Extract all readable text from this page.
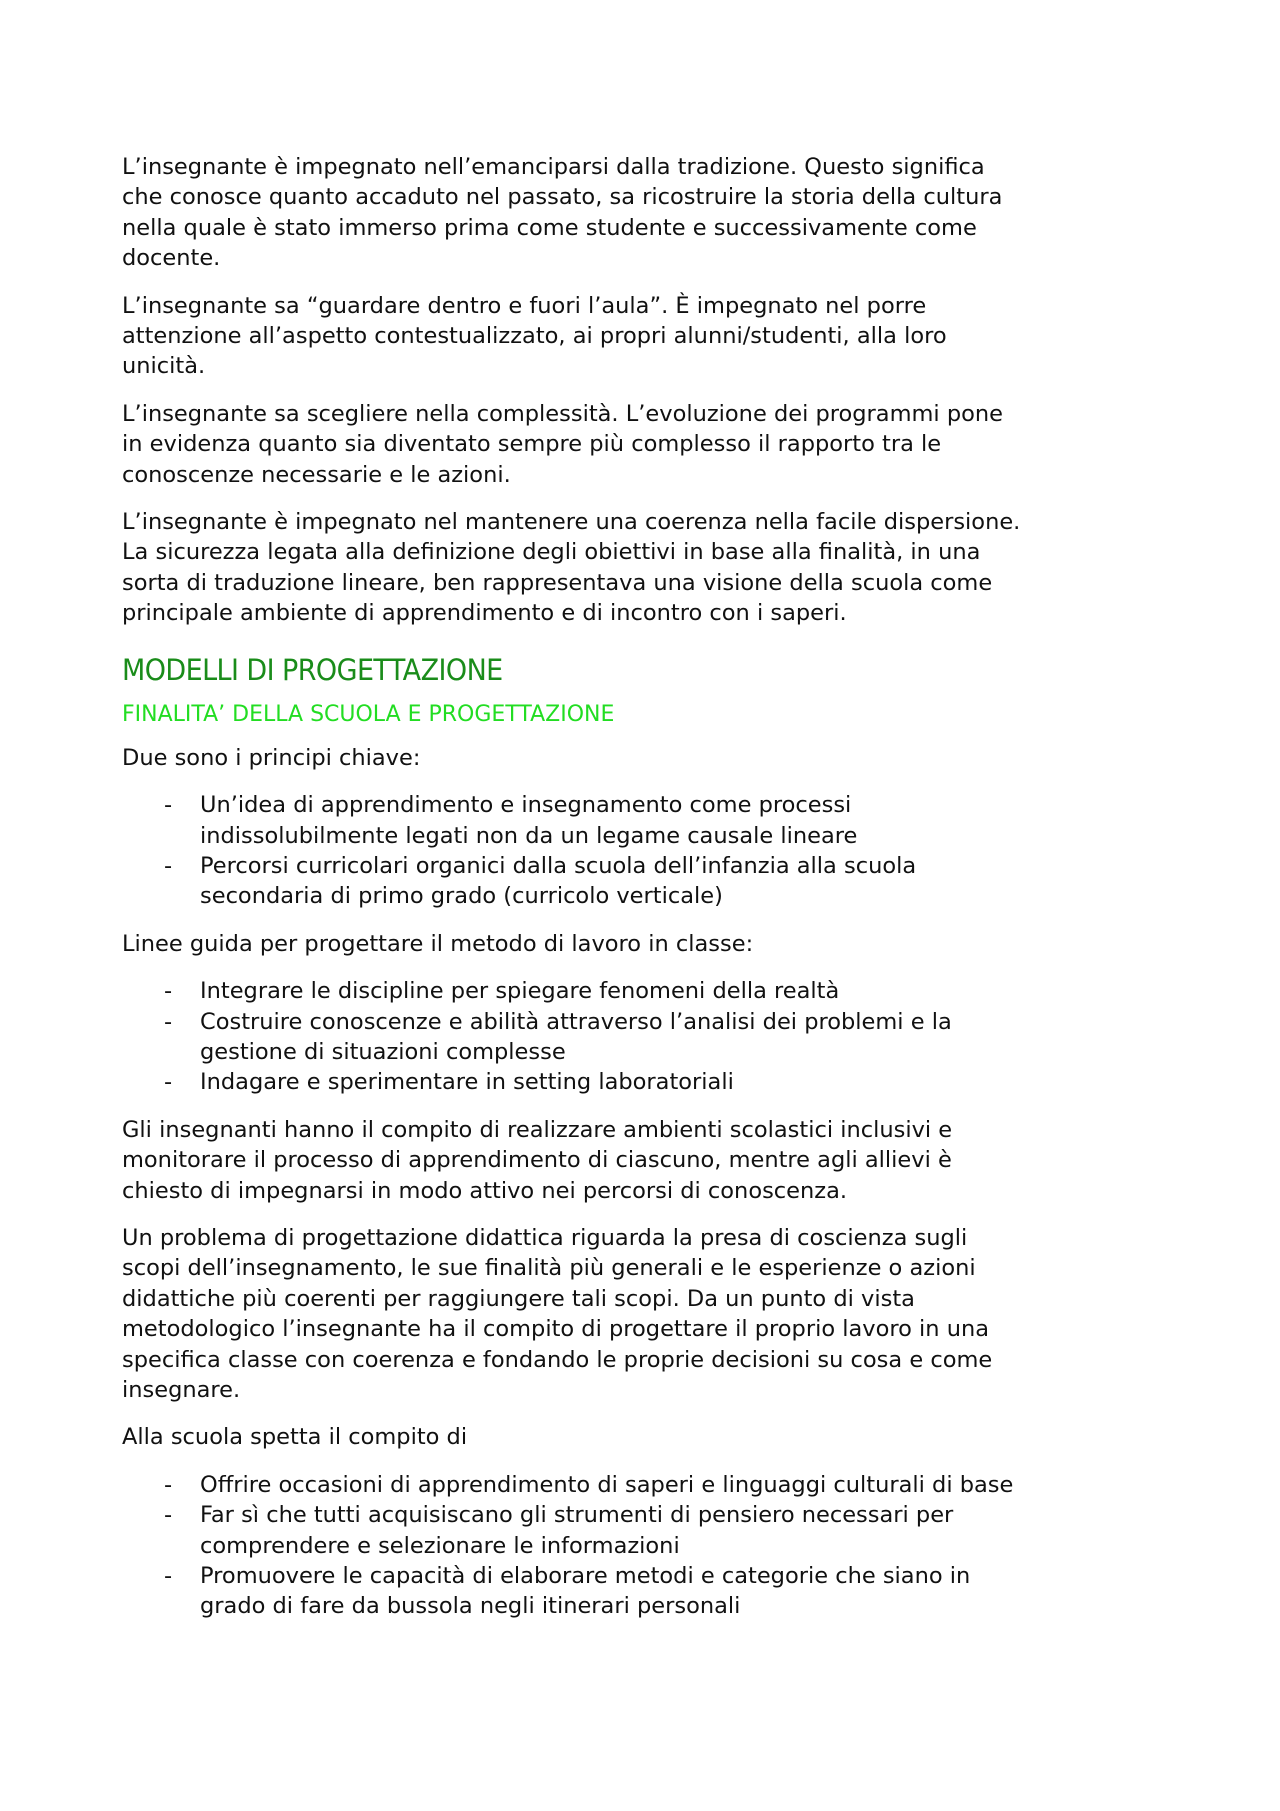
L’insegnante è impegnato nell’emanciparsi dalla tradizione. Questo significa
che conosce quanto accaduto nel passato, sa ricostruire la storia della cultura
nella quale è stato immerso prima come studente e successivamente come
docente.

L’insegnante sa “guardare dentro e fuori l’aula”. È impegnato nel porre
attenzione all’aspetto contestualizzato, ai propri alunni/studenti, alla loro
unicità.

L’insegnante sa scegliere nella complessità. L’evoluzione dei programmi pone
in evidenza quanto sia diventato sempre più complesso il rapporto tra le
conoscenze necessarie e le azioni.

L’insegnante è impegnato nel mantenere una coerenza nella facile dispersione.
La sicurezza legata alla definizione degli obiettivi in base alla finalità, in una
sorta di traduzione lineare, ben rappresentava una visione della scuola come
principale ambiente di apprendimento e di incontro con i saperi.

MODELLI DI PROGETTAZIONE
FINALITA’ DELLA SCUOLA E PROGETTAZIONE

Due sono i principi chiave:

- Un’idea di apprendimento e insegnamento come processi
indissolubilmente legati non da un legame causale lineare
- Percorsi curricolari organici dalla scuola dell’infanzia alla scuola
secondaria di primo grado (curricolo verticale)

Linee guida per progettare il metodo di lavoro in classe:

- Integrare le discipline per spiegare fenomeni della realtà
- Costruire conoscenze e abilità attraverso l’analisi dei problemi e la
gestione di situazioni complesse
- Indagare e sperimentare in setting laboratoriali

Gli insegnanti hanno il compito di realizzare ambienti scolastici inclusivi e
monitorare il processo di apprendimento di ciascuno, mentre agli allievi è
chiesto di impegnarsi in modo attivo nei percorsi di conoscenza.

Un problema di progettazione didattica riguarda la presa di coscienza sugli
scopi dell’insegnamento, le sue finalità più generali e le esperienze o azioni
didattiche più coerenti per raggiungere tali scopi. Da un punto di vista
metodologico l’insegnante ha il compito di progettare il proprio lavoro in una
specifica classe con coerenza e fondando le proprie decisioni su cosa e come
insegnare.

Alla scuola spetta il compito di

- Offrire occasioni di apprendimento di saperi e linguaggi culturali di base
- Far sì che tutti acquisiscano gli strumenti di pensiero necessari per
comprendere e selezionare le informazioni
- Promuovere le capacità di elaborare metodi e categorie che siano in
grado di fare da bussola negli itinerari personali
